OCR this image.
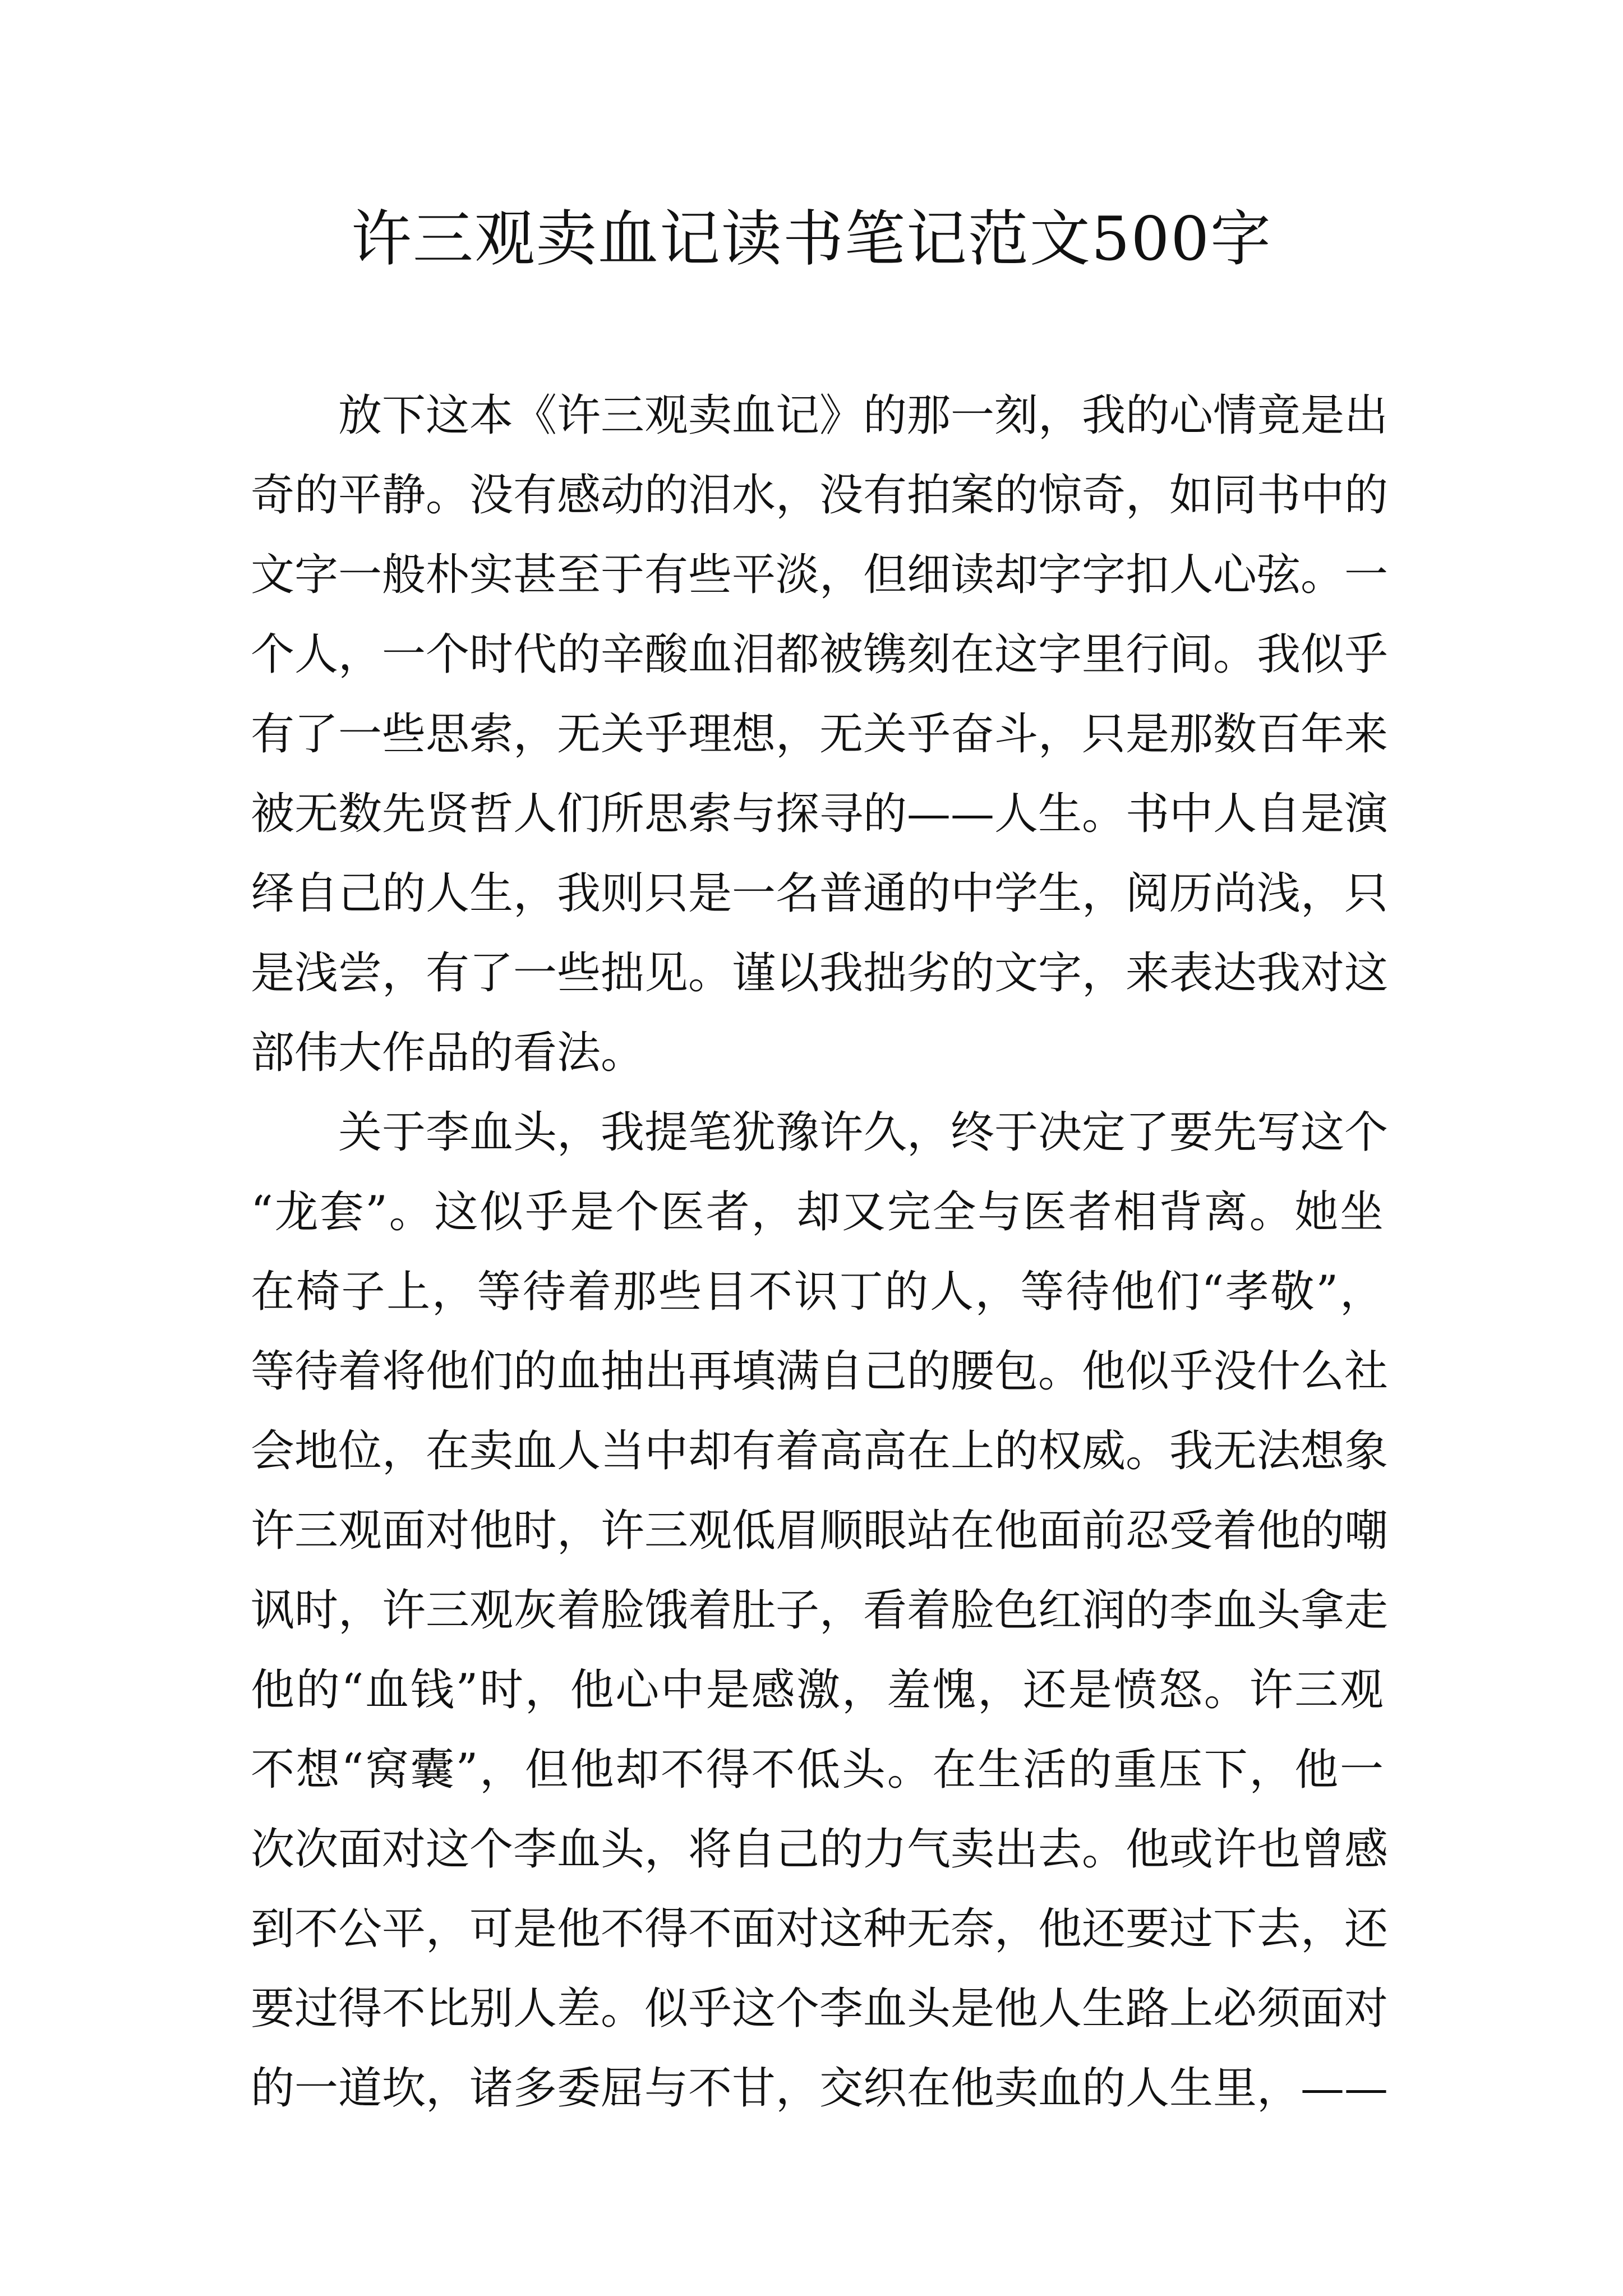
许三观卖血记读书笔记范文500字
放下这本《许三观卖血记》的那一刻，我的心情竟是出
奇的平静。没有感动的泪水，没有拍案的惊奇，如同书中的
文字一般朴实甚至于有些平淡，但细读却字字扣人心弦。一
个人，一个时代的辛酸血泪都被镌刻在这字里行间。我似乎
有了一些思索，无关乎理想，无关乎奋斗，只是那数百年来
被无数先贤哲人们所思索与探寻的——人生。书中人自是演
绎自己的人生，我则只是一名普通的中学生，阅历尚浅，只
是浅尝，有了一些拙见。谨以我拙劣的文字，来表达我对这
部伟大作品的看法。
关于李血头，我提笔犹豫许久，终于决定了要先写这个
“龙套”。这似乎是个医者，却又完全与医者相背离。她坐
在椅子上，等待着那些目不识丁的人，等待他们“孝敬”，
等待着将他们的血抽出再填满自己的腰包。他似乎没什么社
会地位，在卖血人当中却有着高高在上的权威。我无法想象
许三观面对他时，许三观低眉顺眼站在他面前忍受着他的嘲
讽时，许三观灰着脸饿着肚子，看着脸色红润的李血头拿走
他的“血钱”时，他心中是感激，羞愧，还是愤怒。许三观
不想“窝囊”，但他却不得不低头。在生活的重压下，他一
次次面对这个李血头，将自己的力气卖出去。他或许也曾感
到不公平，可是他不得不面对这种无奈，他还要过下去，还
要过得不比别人差。似乎这个李血头是他人生路上必须面对
的一道坎，诸多委屈与不甘，交织在他卖血的人生里，——
